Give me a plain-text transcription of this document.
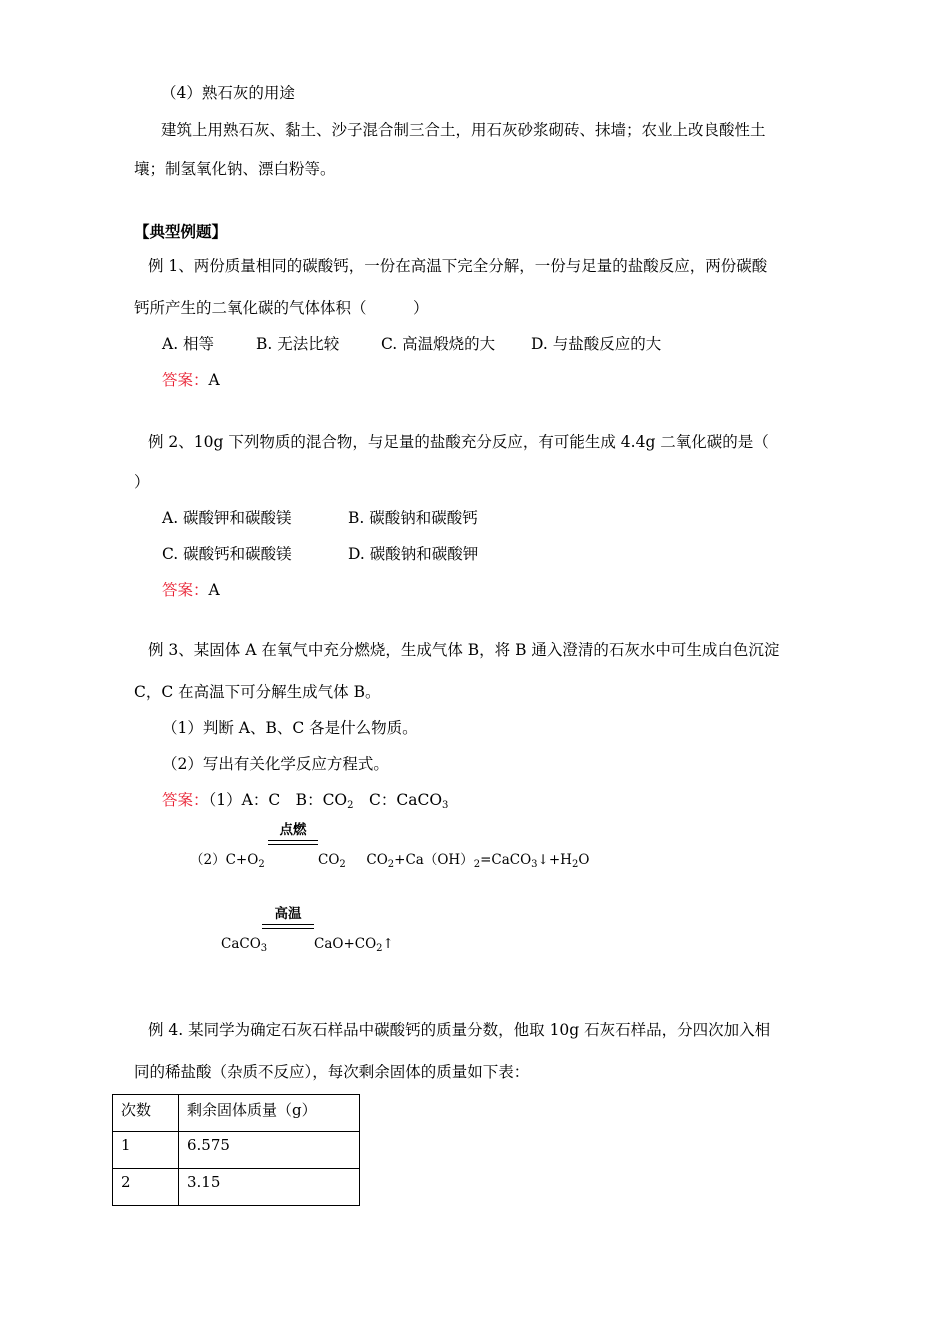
（4）熟石灰的用途
建筑上用熟石灰、黏土、沙子混合制三合土，用石灰砂浆砌砖、抹墙；农业上改良酸性土
壤；制氢氧化钠、漂白粉等。
【典型例题】
例 1、两份质量相同的碳酸钙，一份在高温下完全分解，一份与足量的盐酸反应，两份碳酸
钙所产生的二氧化碳的气体体积（　　　）
A. 相等	B. 无法比较	C. 高温煅烧的大 D. 与盐酸反应的大
答案：A
例 2、10g 下列物质的混合物，与足量的盐酸充分反应，有可能生成 4.4g 二氧化碳的是（
）
A. 碳酸钾和碳酸镁	B. 碳酸钠和碳酸钙
C. 碳酸钙和碳酸镁	D. 碳酸钠和碳酸钾
答案：A
例 3、某固体 A 在氧气中充分燃烧，生成气体 B，将 B 通入澄清的石灰水中可生成白色沉淀
C，C 在高温下可分解生成气体 B。
（1）判断 A、B、C 各是什么物质。
（2）写出有关化学反应方程式。
答案：（1）A：C　B：$CO_2$　C：CaCO$_3$
点燃
$(2)C+O_2$	$CO_2$ $CO_2+Ca(OH)_2=CaCO_3↓+H_2O$
高温
CaCO$_3$	$CaO+CO_2↑$
例 4. 某同学为确定石灰石样品中碳酸钙的质量分数，他取 10g 石灰石样品，分四次加入相
同的稀盐酸（杂质不反应），每次剩余固体的质量如下表：
次数	剩余固体质量（g）
1	6.575
2	3.15
